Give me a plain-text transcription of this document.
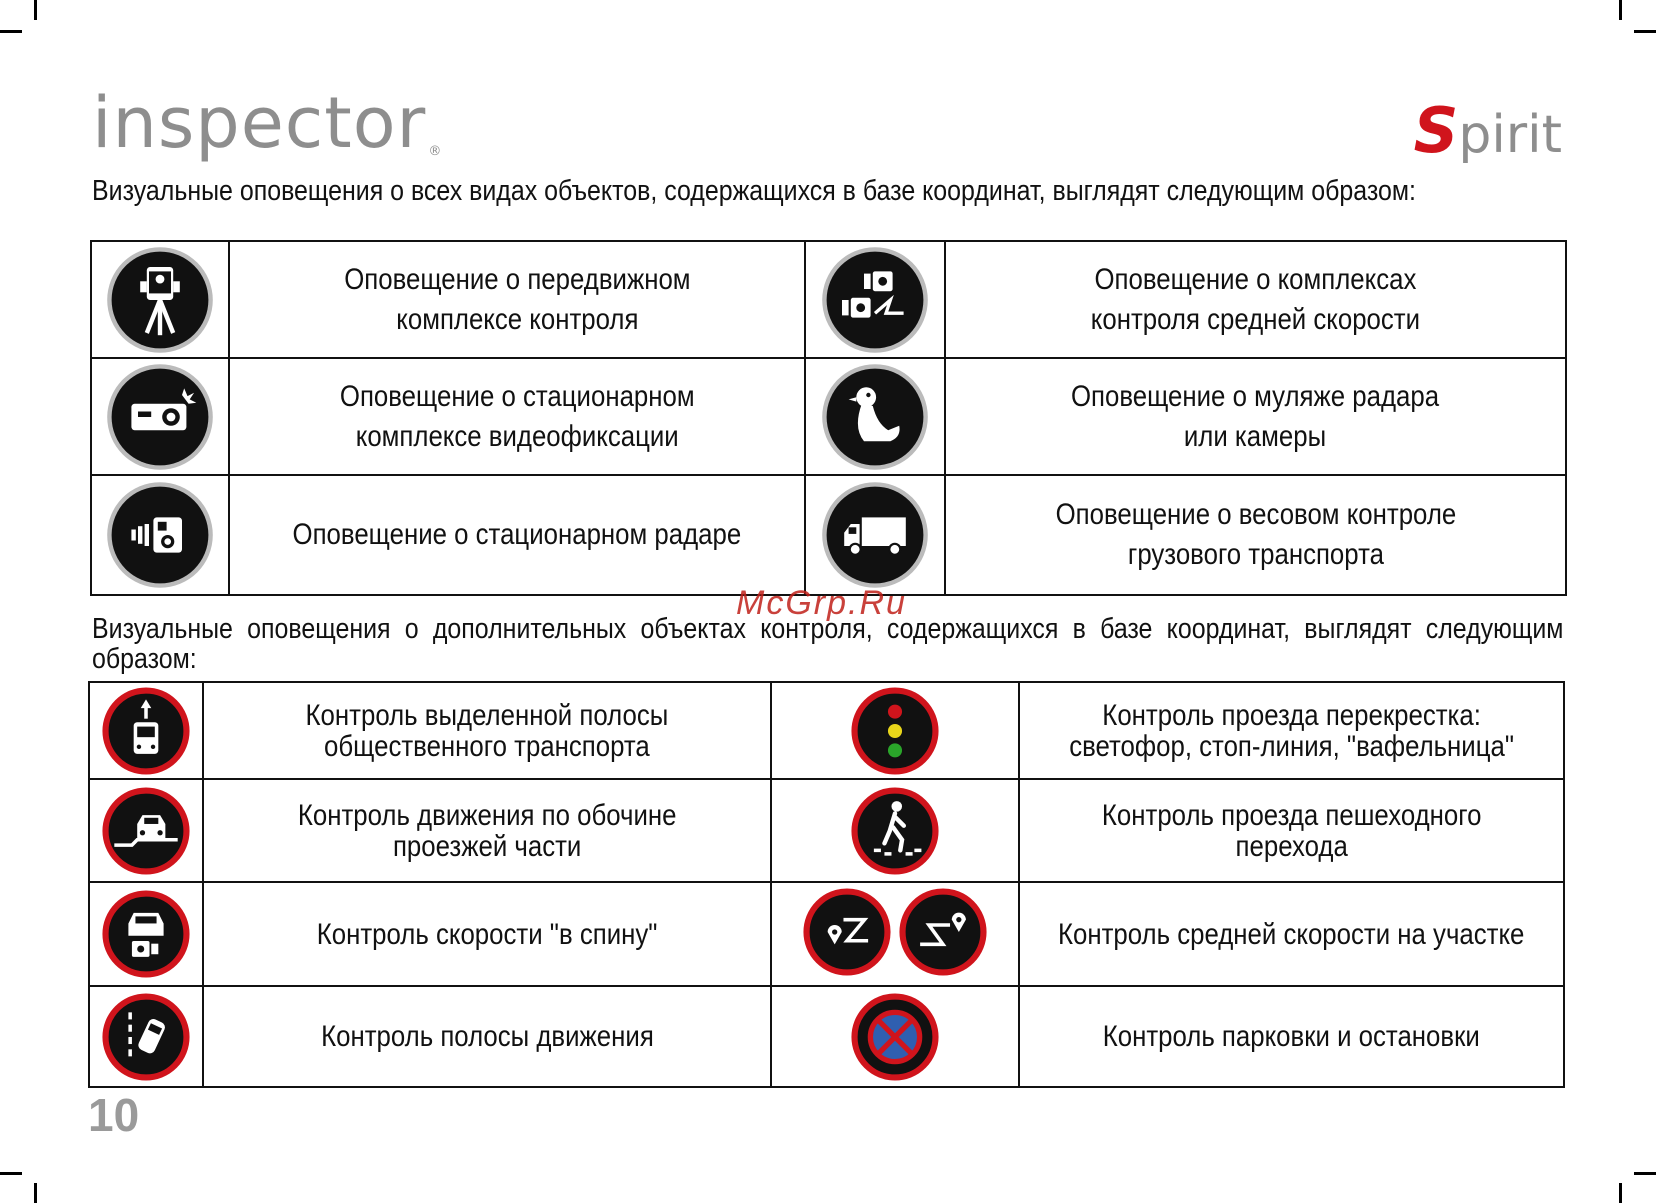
inspector ®	Spirit
Визуальные оповещения о всех видах объектов, содержащихся в базе координат, выглядят следующим образом:
	Оповещение о передвижном
комплексе контроля		Оповещение о комплексах
контроля средней скорости

	Оповещение о стационарном
комплексе видеофиксации		Оповещение о муляже радара
или камеры

	Оповещение о стационарном радаре		Оповещение о весовом контроле
грузового транспорта
McGrp.Ru
Визуальные оповещения о дополнительных объектах контроля, содержащихся в базе координат, выглядят следующим образом:
	Контроль выделенной полосы
общественного транспорта		Контроль проезда перекрестка:
светофор, стоп-линия, "вафельница"

	Контроль движения по обочине
проезжей части		Контроль проезда пешеходного
перехода

	Контроль скорости "в спину"		Контроль средней скорости на участке

	Контроль полосы движения		Контроль парковки и остановки
10
